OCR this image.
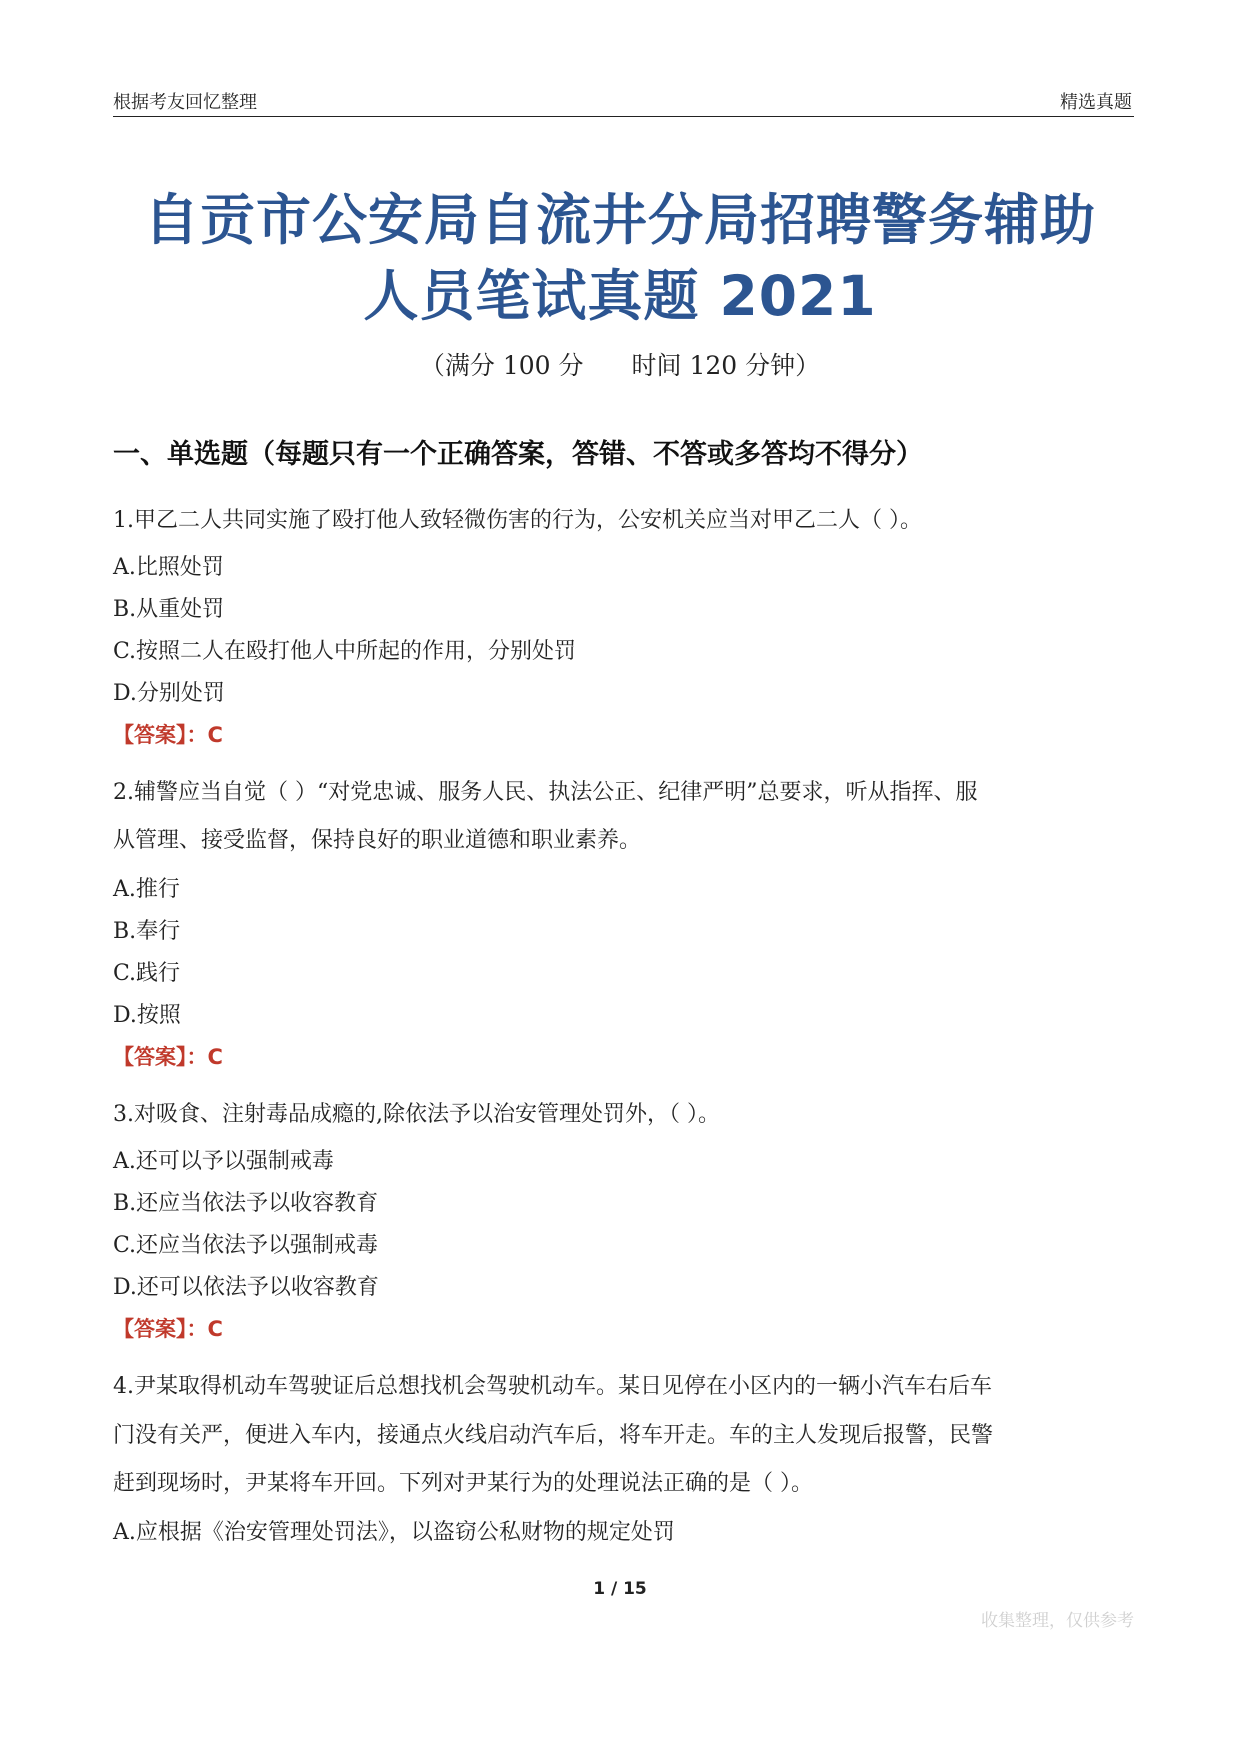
根据考友回忆整理	精选真题
自贡市公安局自流井分局招聘警务辅助
人员笔试真题 2021
（满分 100 分 时间 120 分钟）
一、单选题（每题只有一个正确答案，答错、不答或多答均不得分）
1.甲乙二人共同实施了殴打他人致轻微伤害的行为，公安机关应当对甲乙二人（ ）。
A.比照处罚
B.从重处罚
C.按照二人在殴打他人中所起的作用，分别处罚
D.分别处罚
【答案】：C
2.辅警应当自觉（ ）“对党忠诚、服务人民、执法公正、纪律严明”总要求，听从指挥、服
从管理、接受监督，保持良好的职业道德和职业素养。
A.推行
B.奉行
C.践行
D.按照
【答案】：C
3.对吸食、注射毒品成瘾的,除依法予以治安管理处罚外，（ ）。
A.还可以予以强制戒毒
B.还应当依法予以收容教育
C.还应当依法予以强制戒毒
D.还可以依法予以收容教育
【答案】：C
4.尹某取得机动车驾驶证后总想找机会驾驶机动车。某日见停在小区内的一辆小汽车右后车
门没有关严，便进入车内，接通点火线启动汽车后，将车开走。车的主人发现后报警，民警
赶到现场时，尹某将车开回。下列对尹某行为的处理说法正确的是（ ）。
A.应根据《治安管理处罚法》，以盗窃公私财物的规定处罚
1 / 15
收集整理，仅供参考
